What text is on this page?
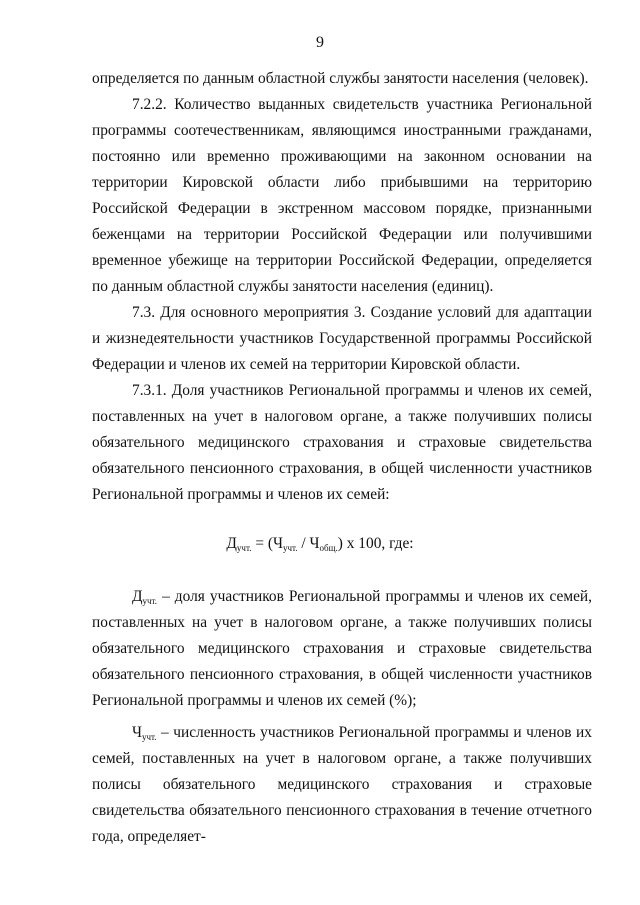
9

определяется по данным областной службы занятости населения (человек).

7.2.2. Количество выданных свидетельств участника Региональной программы соотечественникам, являющимся иностранными гражданами, постоянно или временно проживающими на законном основании на территории Кировской области либо прибывшими на территорию Российской Федерации в экстренном массовом порядке, признанными беженцами на территории Российской Федерации или получившими временное убежище на территории Российской Федерации, определяется по данным областной службы занятости населения (единиц).

7.3. Для основного мероприятия 3. Создание условий для адаптации и жизнедеятельности участников Государственной программы Российской Федерации и членов их семей на территории Кировской области.

7.3.1. Доля участников Региональной программы и членов их семей, поставленных на учет в налоговом органе, а также получивших полисы обязательного медицинского страхования и страховые свидетельства обязательного пенсионного страхования, в общей численности участников Региональной программы и членов их семей:

$Д_{учт.} = (Ч_{учт.} / Ч_{общ.})$ х 100, где:

$Д_{учт.}$ – доля участников Региональной программы и членов их семей, поставленных на учет в налоговом органе, а также получивших полисы обязательного медицинского страхования и страховые свидетельства обязательного пенсионного страхования, в общей численности участников Региональной программы и членов их семей (%);

$Ч_{учт.}$ – численность участников Региональной программы и членов их семей, поставленных на учет в налоговом органе, а также получивших полисы обязательного медицинского страхования и страховые свидетельства обязательного пенсионного страхования в течение отчетного года, определяет-
